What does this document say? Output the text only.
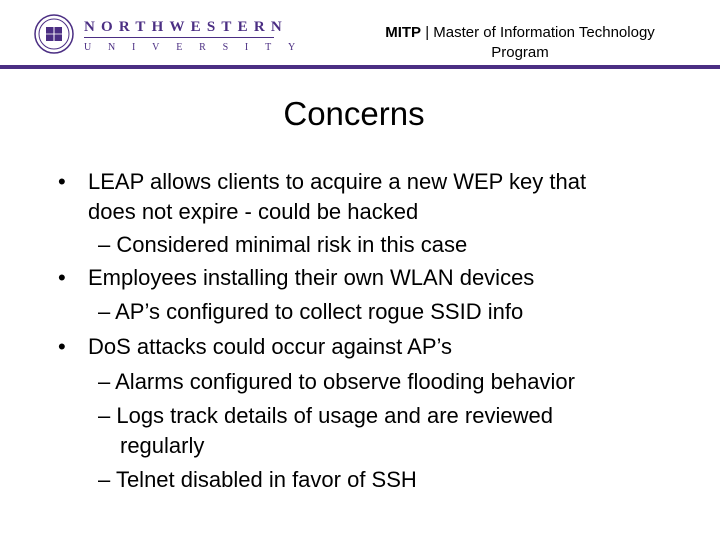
NORTHWESTERN
UNIVERSITY
MITP | Master of Information Technology
Program
Concerns
• LEAP allows clients to acquire a new WEP key that
does not expire - could be hacked
– Considered minimal risk in this case
• Employees installing their own WLAN devices
– AP’s configured to collect rogue SSID info
• DoS attacks could occur against AP’s
– Alarms configured to observe flooding behavior
– Logs track details of usage and are reviewed
regularly
– Telnet disabled in favor of SSH
